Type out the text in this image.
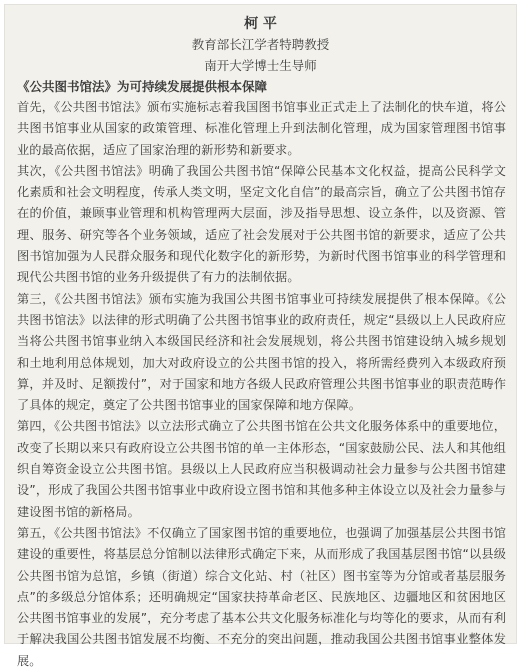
柯 平
教育部长江学者特聘教授
南开大学博士生导师
《公共图书馆法》为可持续发展提供根本保障
首先，《公共图书馆法》颁布实施标志着我国图书馆事业正式走上了法制化的快车道，将公共图书馆事业从国家的政策管理、标准化管理上升到法制化管理，成为国家管理图书馆事业的最高依据，适应了国家治理的新形势和新要求。
其次，《公共图书馆法》明确了我国公共图书馆“保障公民基本文化权益，提高公民科学文化素质和社会文明程度，传承人类文明，坚定文化自信”的最高宗旨，确立了公共图书馆存在的价值，兼顾事业管理和机构管理两大层面，涉及指导思想、设立条件，以及资源、管理、服务、研究等各个业务领域，适应了社会发展对于公共图书馆的新要求，适应了公共图书馆加强为人民群众服务和现代化数字化的新形势，为新时代图书馆事业的科学管理和现代公共图书馆的业务升级提供了有力的法制依据。
第三，《公共图书馆法》颁布实施为我国公共图书馆事业可持续发展提供了根本保障。《公共图书馆法》以法律的形式明确了公共图书馆事业的政府责任，规定“县级以上人民政府应当将公共图书馆事业纳入本级国民经济和社会发展规划，将公共图书馆建设纳入城乡规划和土地利用总体规划，加大对政府设立的公共图书馆的投入，将所需经费列入本级政府预算，并及时、足额拨付”，对于国家和地方各级人民政府管理公共图书馆事业的职责范畴作了具体的规定，奠定了公共图书馆事业的国家保障和地方保障。
第四，《公共图书馆法》以立法形式确立了公共图书馆在公共文化服务体系中的重要地位，改变了长期以来只有政府设立公共图书馆的单一主体形态，“国家鼓励公民、法人和其他组织自筹资金设立公共图书馆。县级以上人民政府应当积极调动社会力量参与公共图书馆建设”，形成了我国公共图书馆事业中政府设立图书馆和其他多种主体设立以及社会力量参与建设图书馆的新格局。
第五，《公共图书馆法》不仅确立了国家图书馆的重要地位，也强调了加强基层公共图书馆建设的重要性，将基层总分馆制以法律形式确定下来，从而形成了我国基层图书馆“以县级公共图书馆为总馆，乡镇（街道）综合文化站、村（社区）图书室等为分馆或者基层服务点”的多级总分馆体系；还明确规定“国家扶持革命老区、民族地区、边疆地区和贫困地区公共图书馆事业的发展”，充分考虑了基本公共文化服务标准化与均等化的要求，从而有利于解决我国公共图书馆发展不均衡、不充分的突出问题，推动我国公共图书馆事业整体发展。
